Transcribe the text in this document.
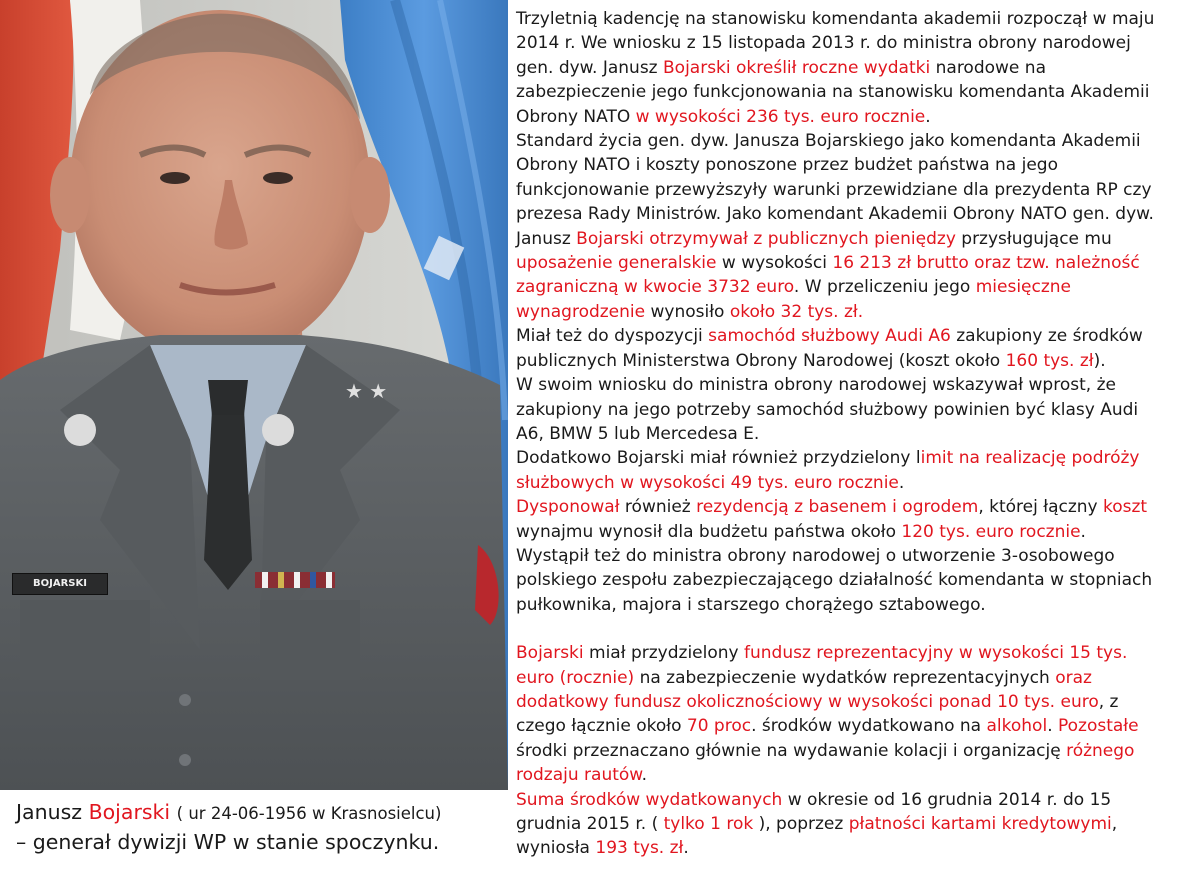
★ ★
BOJARSKI
Janusz Bojarski ( ur 24-06-1956 w Krasnosielcu)
– generał dywizji WP w stanie spoczynku.

Trzyletnią kadencję na stanowisku komendanta akademii rozpoczął w maju

2014 r. We wniosku z 15 listopada 2013 r. do ministra obrony narodowej

gen. dyw. Janusz Bojarski określił roczne wydatki narodowe na

zabezpieczenie jego funkcjonowania na stanowisku komendanta Akademii

Obrony NATO w wysokości 236 tys. euro rocznie.

Standard życia gen. dyw. Janusza Bojarskiego jako komendanta Akademii

Obrony NATO i koszty ponoszone przez budżet państwa na jego

funkcjonowanie przewyższyły warunki przewidziane dla prezydenta RP czy

prezesa Rady Ministrów. Jako komendant Akademii Obrony NATO gen. dyw.

Janusz Bojarski otrzymywał z publicznych pieniędzy przysługujące mu

uposażenie generalskie w wysokości 16 213 zł brutto oraz tzw. należność

zagraniczną w kwocie 3732 euro. W przeliczeniu jego miesięczne

wynagrodzenie wynosiło około 32 tys. zł.

Miał też do dyspozycji samochód służbowy Audi A6 zakupiony ze środków

publicznych Ministerstwa Obrony Narodowej (koszt około 160 tys. zł).

W swoim wniosku do ministra obrony narodowej wskazywał wprost, że

zakupiony na jego potrzeby samochód służbowy powinien być klasy Audi

A6, BMW 5 lub Mercedesa E.

Dodatkowo Bojarski miał również przydzielony limit na realizację podróży

służbowych w wysokości 49 tys. euro rocznie.

Dysponował również rezydencją z basenem i ogrodem, której łączny koszt

wynajmu wynosił dla budżetu państwa około 120 tys. euro rocznie.

Wystąpił też do ministra obrony narodowej o utworzenie 3-osobowego

polskiego zespołu zabezpieczającego działalność komendanta w stopniach

pułkownika, majora i starszego chorążego sztabowego.

Bojarski miał przydzielony fundusz reprezentacyjny w wysokości 15 tys.

euro (rocznie) na zabezpieczenie wydatków reprezentacyjnych oraz

dodatkowy fundusz okolicznościowy w wysokości ponad 10 tys. euro, z

czego łącznie około 70 proc. środków wydatkowano na alkohol. Pozostałe

środki przeznaczano głównie na wydawanie kolacji i organizację różnego

rodzaju rautów.

Suma środków wydatkowanych w okresie od 16 grudnia 2014 r. do 15

grudnia 2015 r. ( tylko 1 rok ), poprzez płatności kartami kredytowymi,

wyniosła 193 tys. zł.
